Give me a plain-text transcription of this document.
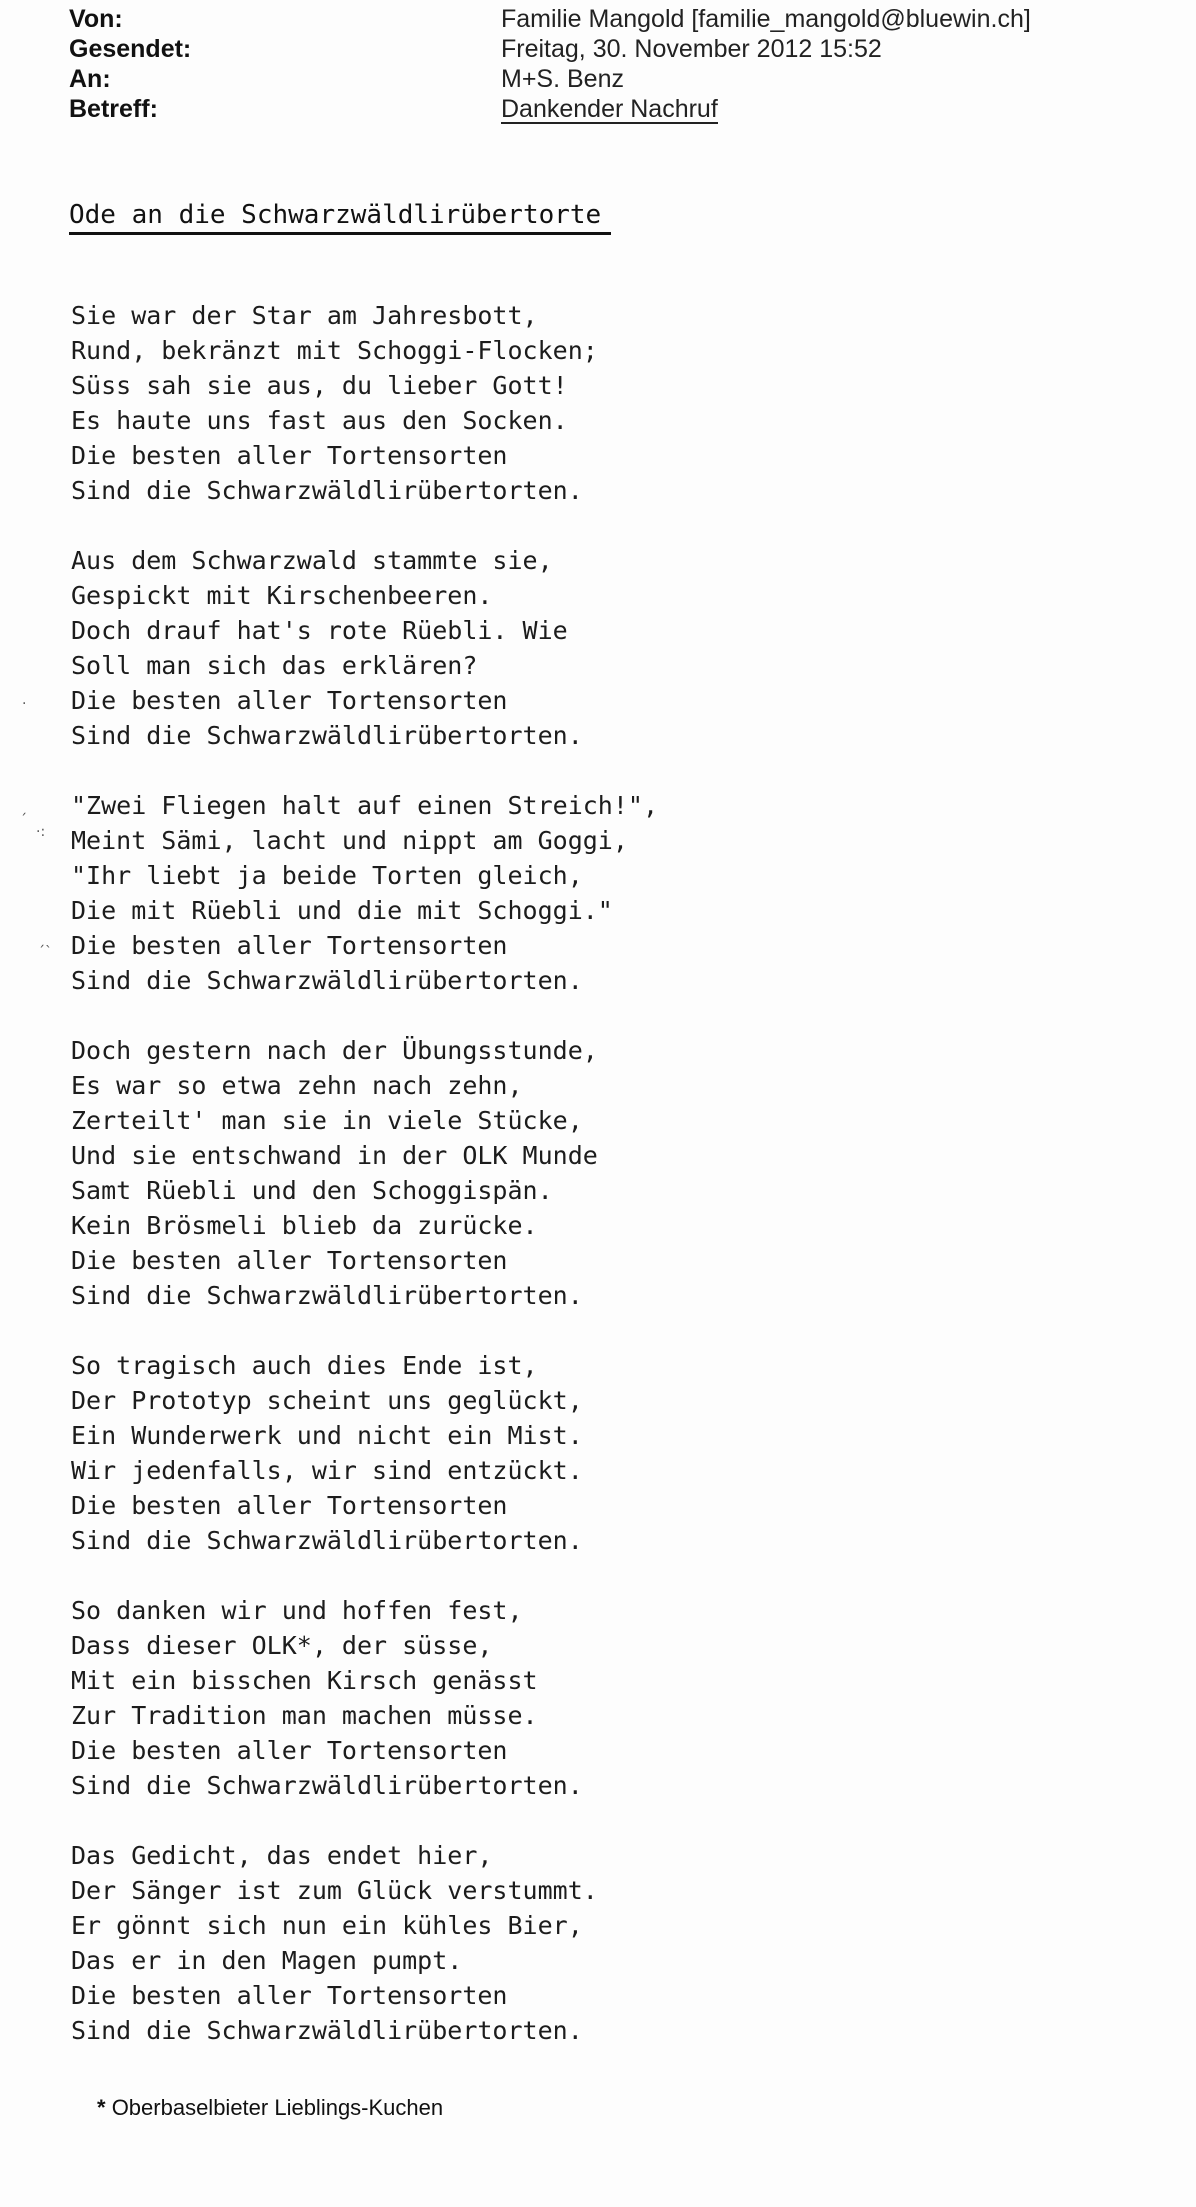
Von:	Familie Mangold [familie_mangold@bluewin.ch]
Gesendet:	Freitag, 30. November 2012 15:52
An:	M+S. Benz
Betreff:	Dankender Nachruf
Ode an die Schwarzwäldlirübertorte
Sie war der Star am Jahresbott,
Rund, bekränzt mit Schoggi-Flocken;
Süss sah sie aus, du lieber Gott!
Es haute uns fast aus den Socken.
Die besten aller Tortensorten
Sind die Schwarzwäldlirübertorten.
Aus dem Schwarzwald stammte sie,
Gespickt mit Kirschenbeeren.
Doch drauf hat's rote Rüebli. Wie
Soll man sich das erklären?
Die besten aller Tortensorten
Sind die Schwarzwäldlirübertorten.
"Zwei Fliegen halt auf einen Streich!",
Meint Sämi, lacht und nippt am Goggi,
"Ihr liebt ja beide Torten gleich,
Die mit Rüebli und die mit Schoggi."
Die besten aller Tortensorten
Sind die Schwarzwäldlirübertorten.
Doch gestern nach der Übungsstunde,
Es war so etwa zehn nach zehn,
Zerteilt' man sie in viele Stücke,
Und sie entschwand in der OLK Munde
Samt Rüebli und den Schoggispän.
Kein Brösmeli blieb da zurücke.
Die besten aller Tortensorten
Sind die Schwarzwäldlirübertorten.
So tragisch auch dies Ende ist,
Der Prototyp scheint uns geglückt,
Ein Wunderwerk und nicht ein Mist.
Wir jedenfalls, wir sind entzückt.
Die besten aller Tortensorten
Sind die Schwarzwäldlirübertorten.
So danken wir und hoffen fest,
Dass dieser OLK*, der süsse,
Mit ein bisschen Kirsch genässt
Zur Tradition man machen müsse.
Die besten aller Tortensorten
Sind die Schwarzwäldlirübertorten.
Das Gedicht, das endet hier,
Der Sänger ist zum Glück verstummt.
Er gönnt sich nun ein kühles Bier,
Das er in den Magen pumpt.
Die besten aller Tortensorten
Sind die Schwarzwäldlirübertorten.
* Oberbaselbieter Lieblings-Kuchen
·
ˏ
·:
ˏˎ
